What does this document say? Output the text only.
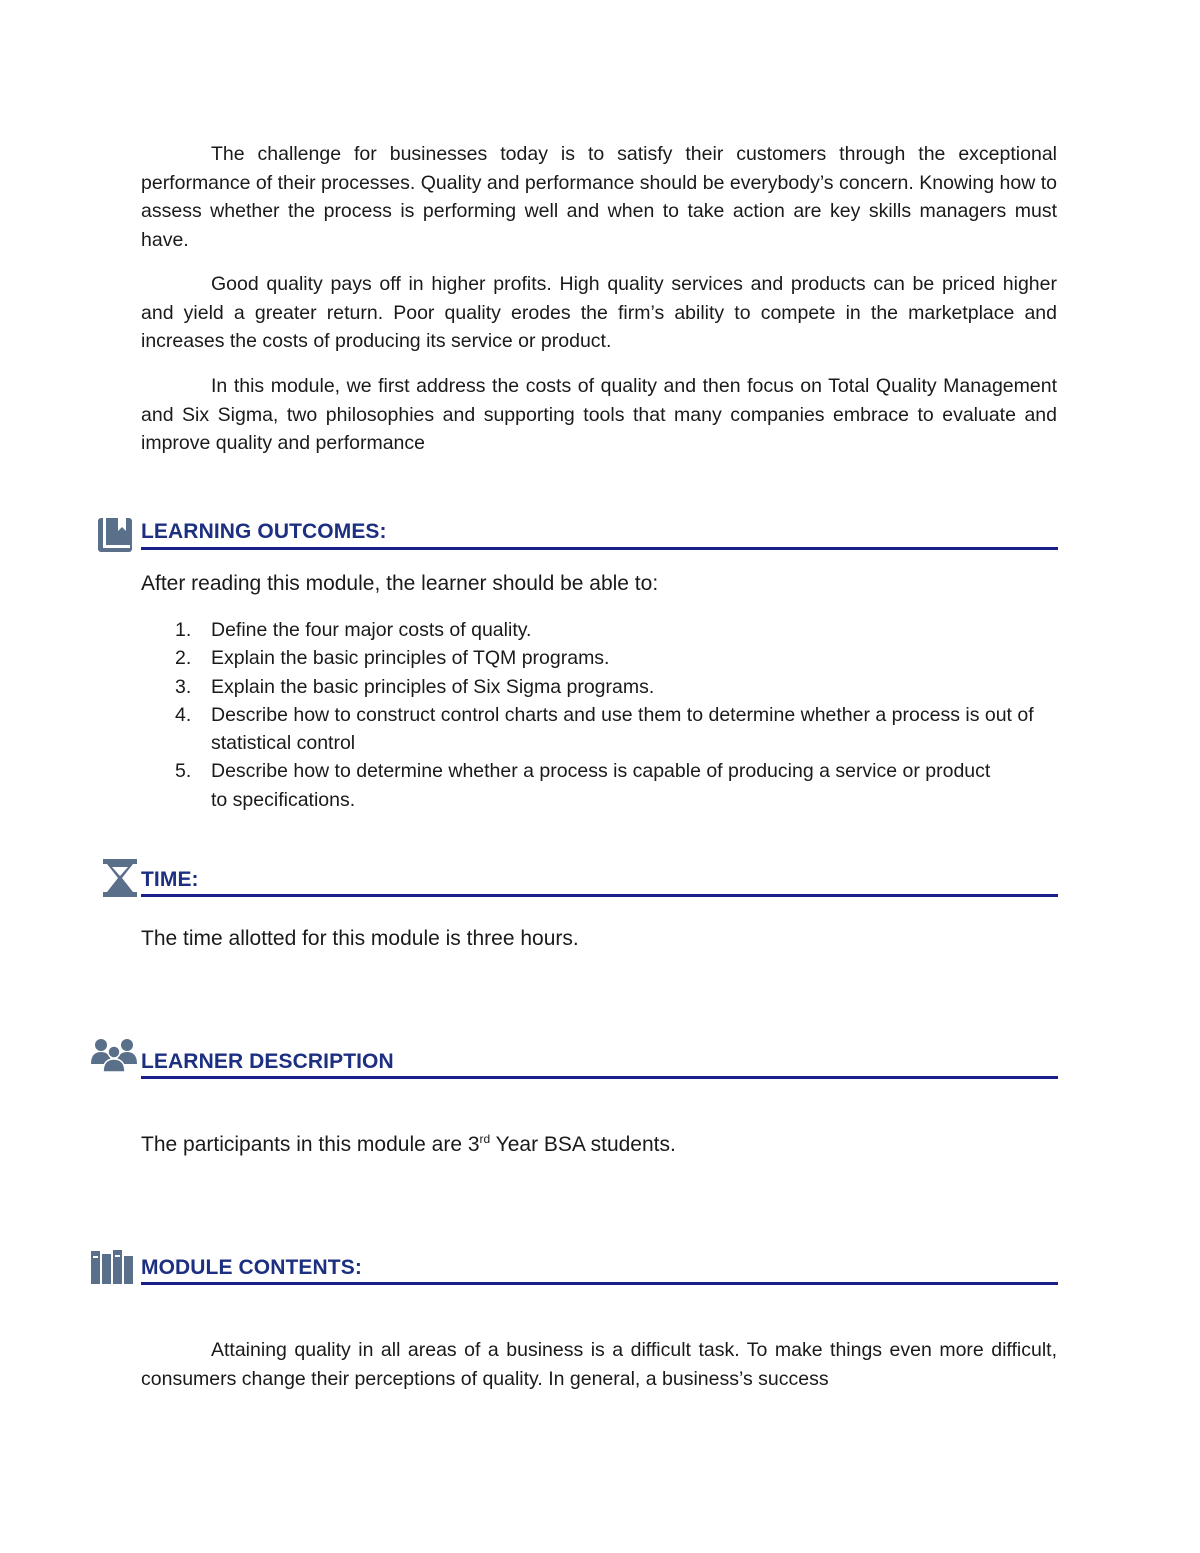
The challenge for businesses today is to satisfy their customers through the exceptional performance of their processes. Quality and performance should be everybody’s concern. Knowing how to assess whether the process is performing well and when to take action are key skills managers must have.

Good quality pays off in higher profits. High quality services and products can be priced higher and yield a greater return. Poor quality erodes the firm’s ability to compete in the marketplace and increases the costs of producing its service or product.

In this module, we first address the costs of quality and then focus on Total Quality Management and Six Sigma, two philosophies and supporting tools that many companies embrace to evaluate and improve quality and performance

LEARNING OUTCOMES:
After reading this module, the learner should be able to:
1. Define the four major costs of quality.
2. Explain the basic principles of TQM programs.
3. Explain the basic principles of Six Sigma programs.
4. Describe how to construct control charts and use them to determine whether a process is out of statistical control
5. Describe how to determine whether a process is capable of producing a service or product to specifications.
TIME:
The time allotted for this module is three hours.
LEARNER DESCRIPTION
The participants in this module are 3rd Year BSA students.
MODULE CONTENTS:

Attaining quality in all areas of a business is a difficult task. To make things even more difficult, consumers change their perceptions of quality. In general, a business’s success
